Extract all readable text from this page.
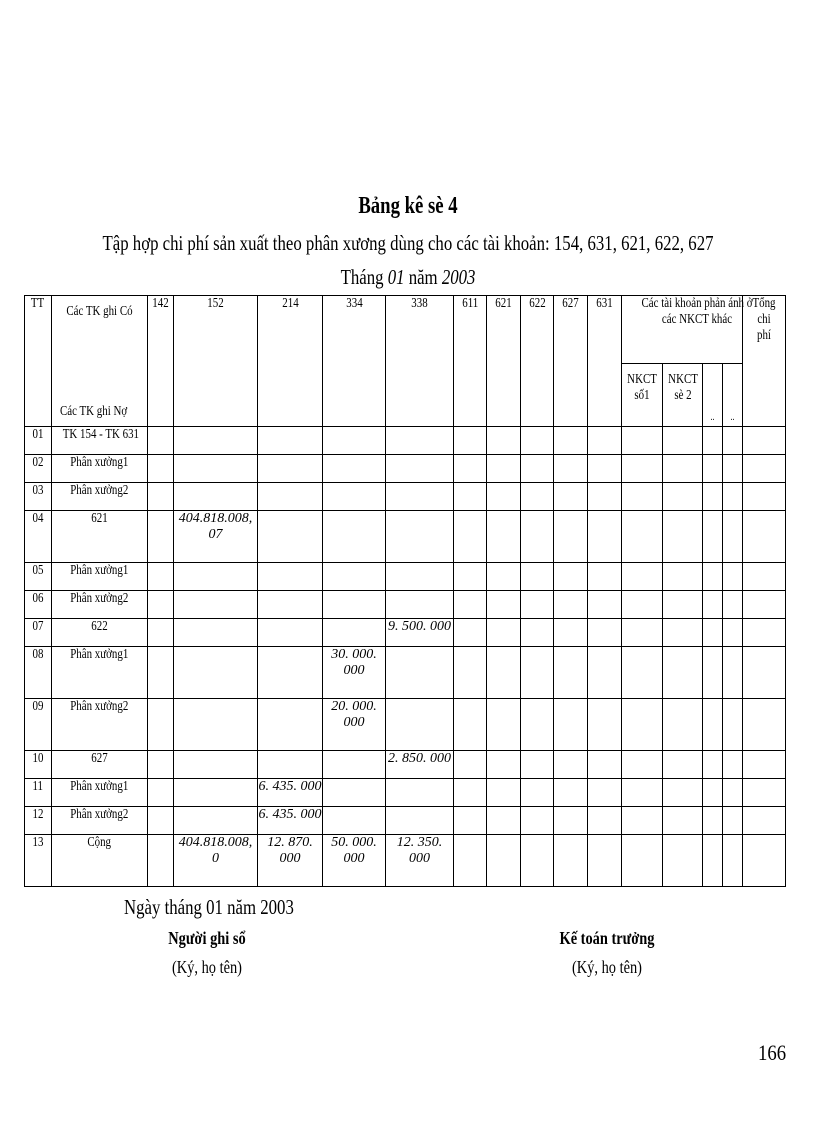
Bảng kê sè 4
Tập hợp chi phí sản xuất theo phân xương dùng cho các tài khoản: 154, 631, 621, 622, 627
Tháng 01 năm 2003
TT	Các TK ghi Có
Các TK ghi Nợ	142	152	214	334	338	611	621	622	627	631	Các tài khoản phản ánh ở các NKCT khác				Tổng chi phí
												NKCT số1	NKCT sè 2	..	..	
01	TK 154 - TK 631															
02	Phân xưởng1															
03	Phân xưởng2															
04	621		404.818.008, 07													
05	Phân xưởng1															
06	Phân xưởng2															
07	622					9. 500. 000										
08	Phân xưởng1				30. 000. 000											
09	Phân xưởng2				20. 000. 000											
10	627					2. 850. 000										
11	Phân xưởng1			6. 435. 000												
12	Phân xưởng2			6. 435. 000												
13	Cộng		404.818.008, 0	12. 870. 000	50. 000. 000	12. 350. 000										
Ngày tháng 01 năm 2003
Người ghi sổ
(Ký, họ tên)
Kế toán trưởng
(Ký, họ tên)
166
